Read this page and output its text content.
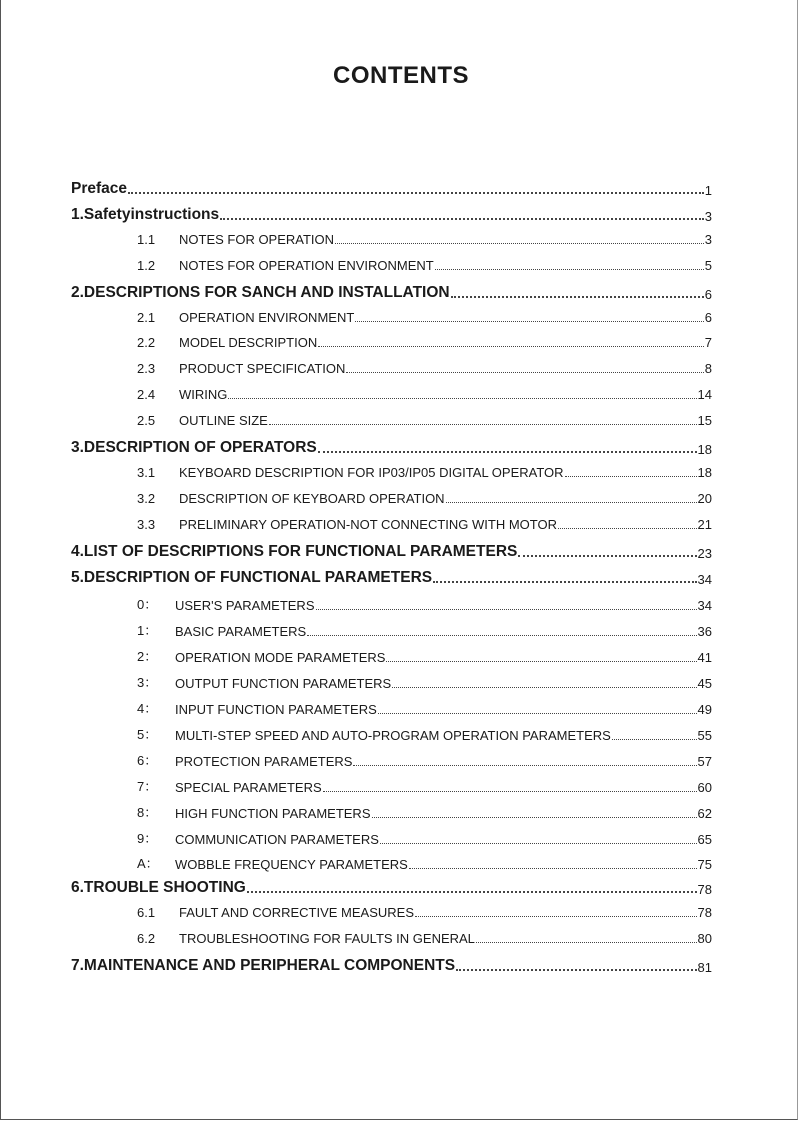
CONTENTS
Preface	1
1.Safetyinstructions	3
1.1	NOTES FOR OPERATION	3
1.2	NOTES FOR OPERATION ENVIRONMENT	5
2.DESCRIPTIONS FOR SANCH AND INSTALLATION	6
2.1	OPERATION ENVIRONMENT	6
2.2	MODEL DESCRIPTION	7
2.3	PRODUCT SPECIFICATION	8
2.4	WIRING	14
2.5	OUTLINE SIZE	15
3.DESCRIPTION OF OPERATORS	18
3.1	KEYBOARD DESCRIPTION FOR IP03/IP05 DIGITAL OPERATOR	18
3.2	DESCRIPTION OF KEYBOARD OPERATION	20
3.3	PRELIMINARY OPERATION-NOT CONNECTING WITH MOTOR	21
4.LIST OF DESCRIPTIONS FOR FUNCTIONAL PARAMETERS	23
5.DESCRIPTION OF FUNCTIONAL PARAMETERS	34
0：	USER'S PARAMETERS	34
1：	BASIC PARAMETERS	36
2：	OPERATION MODE PARAMETERS	41
3：	OUTPUT FUNCTION PARAMETERS	45
4：	INPUT FUNCTION PARAMETERS	49
5：	MULTI-STEP SPEED AND AUTO-PROGRAM OPERATION PARAMETERS	55
6：	PROTECTION PARAMETERS	57
7：	SPECIAL PARAMETERS	60
8：	HIGH FUNCTION PARAMETERS	62
9：	COMMUNICATION PARAMETERS	65
A：	WOBBLE FREQUENCY PARAMETERS	75
6.TROUBLE SHOOTING	78
6.1	FAULT AND CORRECTIVE MEASURES	78
6.2	TROUBLESHOOTING FOR FAULTS IN GENERAL	80
7.MAINTENANCE AND PERIPHERAL COMPONENTS	81
